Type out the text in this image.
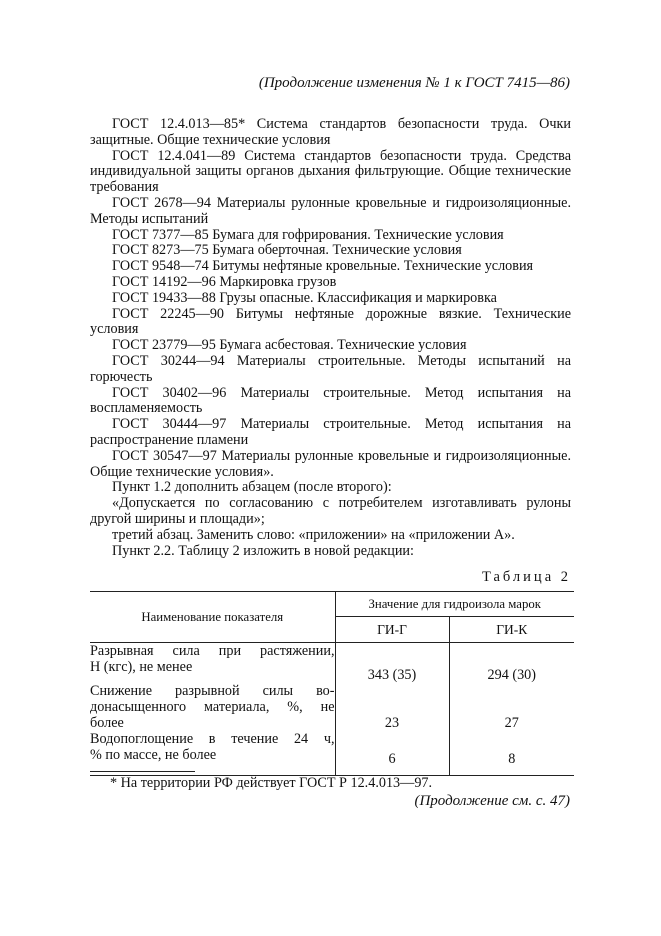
(Продолжение изменения № 1 к ГОСТ 7415—86)

ГОСТ 12.4.013—85* Система стандартов безопасности труда. Очки защитные. Общие технические условия

ГОСТ 12.4.041—89 Система стандартов безопасности труда. Средства индивидуальной защиты органов дыхания фильтрующие. Общие технические требования

ГОСТ 2678—94 Материалы рулонные кровельные и гидроизоляционные. Методы испытаний

ГОСТ 7377—85 Бумага для гофрирования. Технические условия

ГОСТ 8273—75 Бумага оберточная. Технические условия

ГОСТ 9548—74 Битумы нефтяные кровельные. Технические условия

ГОСТ 14192—96 Маркировка грузов

ГОСТ 19433—88 Грузы опасные. Классификация и маркировка

ГОСТ 22245—90 Битумы нефтяные дорожные вязкие. Технические условия

ГОСТ 23779—95 Бумага асбестовая. Технические условия

ГОСТ 30244—94 Материалы строительные. Методы испытаний на горючесть

ГОСТ 30402—96 Материалы строительные. Метод испытания на воспламеняемость

ГОСТ 30444—97 Материалы строительные. Метод испытания на распространение пламени

ГОСТ 30547—97 Материалы рулонные кровельные и гидроизоляционные. Общие технические условия».

Пункт 1.2 дополнить абзацем (после второго):

«Допускается по согласованию с потребителем изготавливать рулоны другой ширины и площади»;

третий абзац. Заменить слово: «приложении» на «приложении А».

Пункт 2.2. Таблицу 2 изложить в новой редакции:

Таблица 2
Наименование показателя	Значение для гидроизола марок	
	ГИ-Г	ГИ-К

Разрывная сила при растяжении,
Н (кгс), не менее	343 (35)	294 (30)

Снижение разрывной силы во-
донасыщенного материала, %, не
более	23	27

Водопоглощение в течение 24 ч,
% по массе, не более	6	8
* На территории РФ действует ГОСТ Р 12.4.013—97.
(Продолжение см. с. 47)
